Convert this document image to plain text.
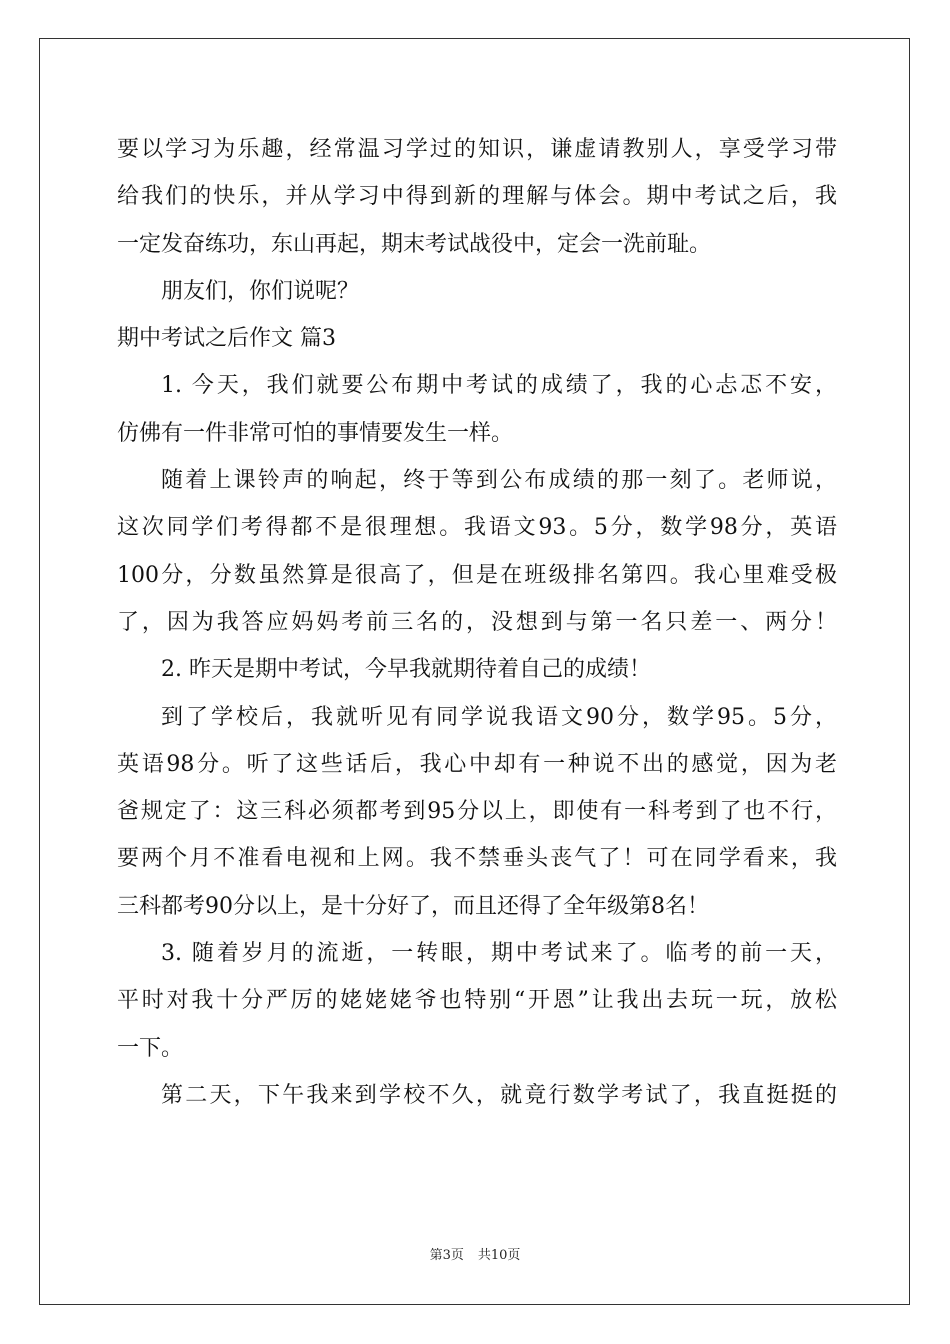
要以学习为乐趣，经常温习学过的知识，谦虚请教别人，享受学习带
给我们的快乐，并从学习中得到新的理解与体会。期中考试之后，我
一定发奋练功，东山再起，期末考试战役中，定会一洗前耻。
朋友们，你们说呢？
期中考试之后作文 篇3
1. 今天，我们就要公布期中考试的成绩了，我的心忐忑不安，
仿佛有一件非常可怕的事情要发生一样。
随着上课铃声的响起，终于等到公布成绩的那一刻了。老师说，
这次同学们考得都不是很理想。我语文93。5分，数学98分，英语
100分，分数虽然算是很高了，但是在班级排名第四。我心里难受极
了，因为我答应妈妈考前三名的，没想到与第一名只差一、两分！
2. 昨天是期中考试，今早我就期待着自己的成绩！
到了学校后，我就听见有同学说我语文90分，数学95。5分，
英语98分。听了这些话后，我心中却有一种说不出的感觉，因为老
爸规定了：这三科必须都考到95分以上，即使有一科考到了也不行，
要两个月不准看电视和上网。我不禁垂头丧气了！可在同学看来，我
三科都考90分以上，是十分好了，而且还得了全年级第8名！
3. 随着岁月的流逝，一转眼，期中考试来了。临考的前一天，
平时对我十分严厉的姥姥姥爷也特别“开恩”让我出去玩一玩，放松
一下。
第二天，下午我来到学校不久，就竟行数学考试了，我直挺挺的
第3页 共10页
